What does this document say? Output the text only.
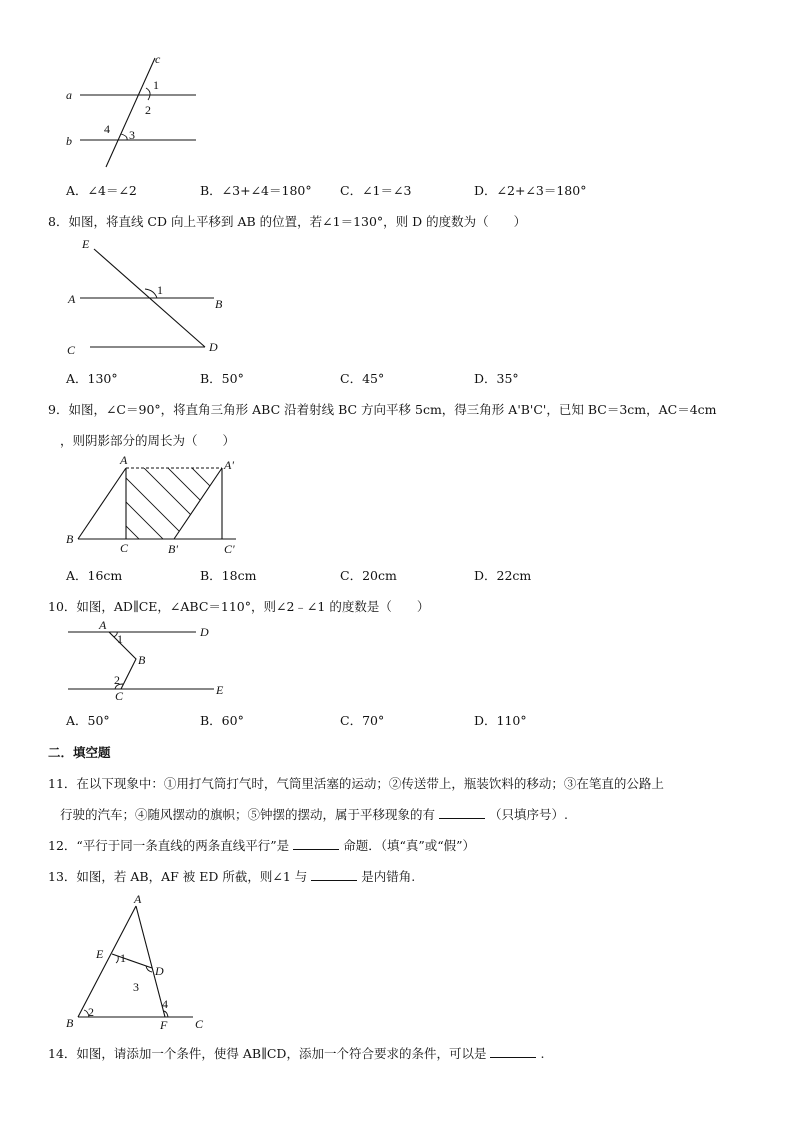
c
a
b
1
2
4 3
A．∠4＝∠2	B．∠3+∠4＝180° C．∠1＝∠3	D．∠2+∠3＝180°
8．如图，将直线 CD 向上平移到 AB 的位置，若∠1＝130°，则 D 的度数为（　　）
E
A	B
C	D
1
A．130°	B．50°	C．45°	D．35°
9．如图，∠C＝90°，将直角三角形 ABC 沿着射线 BC 方向平移 5cm，得三角形 A'B'C'，已知 BC＝3cm，AC＝4cm
，则阴影部分的周长为（　　）
A	A'
B
C	B'	C'
A．16cm	B．18cm	C．20cm	D．22cm
10．如图，AD∥CE，∠ABC＝110°，则∠2﹣∠1 的度数是（　　）
A	D
1
B
2
C	E
A．50°	B．60°	C．70°	D．110°
二．填空题
11．在以下现象中：①用打气筒打气时，气筒里活塞的运动；②传送带上，瓶装饮料的移动；③在笔直的公路上
行驶的汽车；④随风摆动的旗帜；⑤钟摆的摆动，属于平移现象的有	（只填序号）.
12．“平行于同一条直线的两条直线平行”是	命题．（填“真”或“假”）
13．如图，若 AB，AF 被 ED 所截，则∠1 与	是内错角.
A
E 1
D
3
4
B
2
F C
14．如图，请添加一个条件，使得 AB∥CD，添加一个符合要求的条件，可以是	.
